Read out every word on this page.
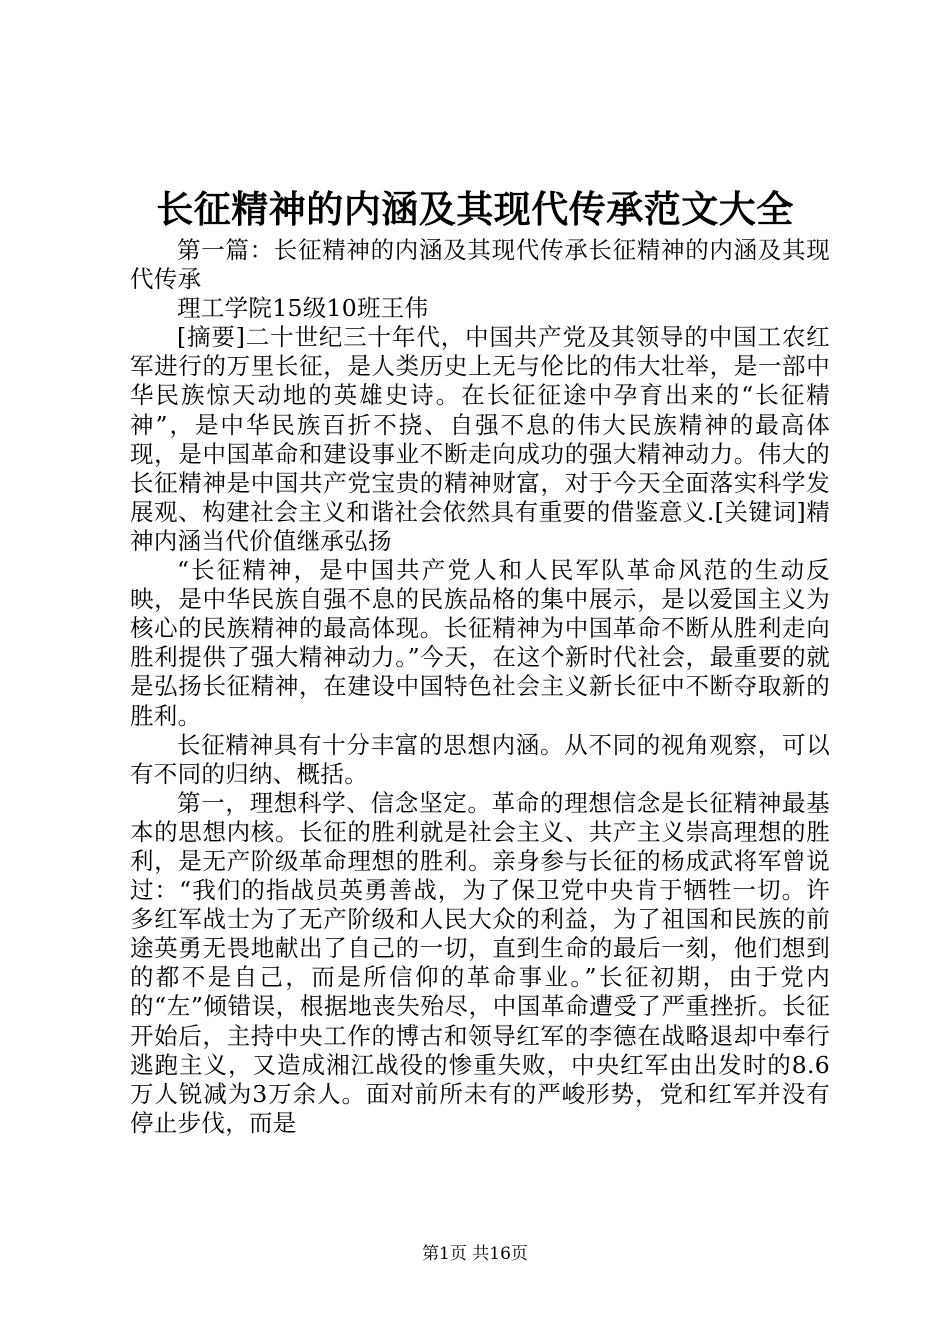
长征精神的内涵及其现代传承范文大全

第一篇：长征精神的内涵及其现代传承长征精神的内涵及其现代传承

理工学院15级10班王伟

[摘要]二十世纪三十年代，中国共产党及其领导的中国工农红军进行的万里长征，是人类历史上无与伦比的伟大壮举，是一部中华民族惊天动地的英雄史诗。在长征征途中孕育出来的“长征精神”，是中华民族百折不挠、自强不息的伟大民族精神的最高体现，是中国革命和建设事业不断走向成功的强大精神动力。伟大的长征精神是中国共产党宝贵的精神财富，对于今天全面落实科学发展观、构建社会主义和谐社会依然具有重要的借鉴意义.[关键词]精神内涵当代价值继承弘扬

“长征精神，是中国共产党人和人民军队革命风范的生动反映，是中华民族自强不息的民族品格的集中展示，是以爱国主义为核心的民族精神的最高体现。长征精神为中国革命不断从胜利走向胜利提供了强大精神动力。”今天，在这个新时代社会，最重要的就是弘扬长征精神，在建设中国特色社会主义新长征中不断夺取新的胜利。

长征精神具有十分丰富的思想内涵。从不同的视角观察，可以有不同的归纳、概括。

第一，理想科学、信念坚定。革命的理想信念是长征精神最基本的思想内核。长征的胜利就是社会主义、共产主义崇高理想的胜利，是无产阶级革命理想的胜利。亲身参与长征的杨成武将军曾说过：“我们的指战员英勇善战，为了保卫党中央肯于牺牲一切。许多红军战士为了无产阶级和人民大众的利益，为了祖国和民族的前途英勇无畏地献出了自己的一切，直到生命的最后一刻，他们想到的都不是自己，而是所信仰的革命事业。”长征初期，由于党内的“左”倾错误，根据地丧失殆尽，中国革命遭受了严重挫折。长征开始后，主持中央工作的博古和领导红军的李德在战略退却中奉行逃跑主义，又造成湘江战役的惨重失败，中央红军由出发时的8.6万人锐减为3万余人。面对前所未有的严峻形势，党和红军并没有停止步伐，而是

第1页 共16页
